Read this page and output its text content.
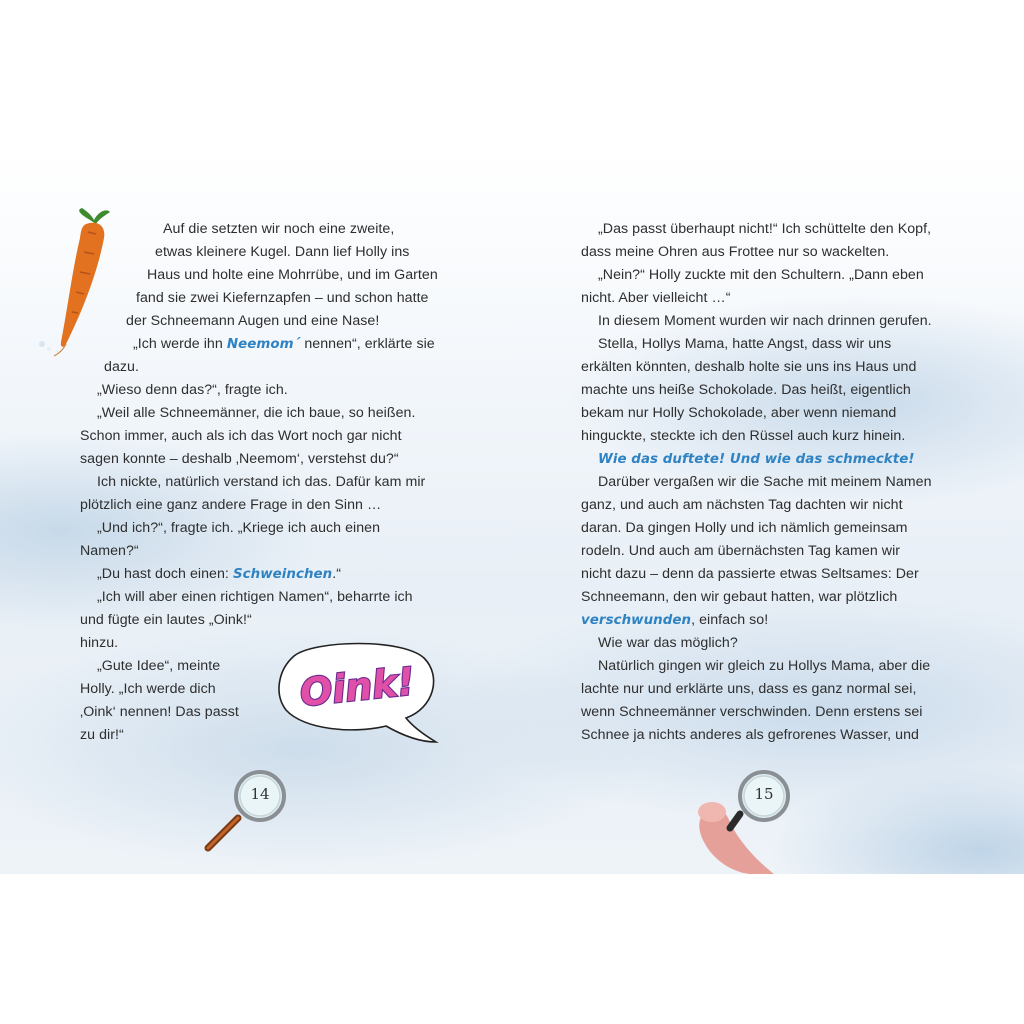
Auf die setzten wir noch eine zweite,
etwas kleinere Kugel. Dann lief Holly ins
Haus und holte eine Mohrrübe, und im Garten
fand sie zwei Kiefernzapfen – und schon hatte
der Schneemann Augen und eine Nase!
„Ich werde ihn Neemom´ nennen“, erklärte sie
dazu.
„Wieso denn das?“, fragte ich.
„Weil alle Schneemänner, die ich baue, so heißen.
Schon immer, auch als ich das Wort noch gar nicht
sagen konnte – deshalb ‚Neemom‘, verstehst du?“
Ich nickte, natürlich verstand ich das. Dafür kam mir
plötzlich eine ganz andere Frage in den Sinn …
„Und ich?“, fragte ich. „Kriege ich auch einen
Namen?“
„Du hast doch einen: Schweinchen.“
„Ich will aber einen richtigen Namen“, beharrte ich
und fügte ein lautes „Oink!“
hinzu.
„Gute Idee“, meinte
Holly. „Ich werde dich
‚Oink‘ nennen! Das passt
zu dir!“
Oink!
„Das passt überhaupt nicht!“ Ich schüttelte den Kopf,
dass meine Ohren aus Frottee nur so wackelten.
„Nein?“ Holly zuckte mit den Schultern. „Dann eben
nicht. Aber vielleicht …“
In diesem Moment wurden wir nach drinnen gerufen.
Stella, Hollys Mama, hatte Angst, dass wir uns
erkälten könnten, deshalb holte sie uns ins Haus und
machte uns heiße Schokolade. Das heißt, eigentlich
bekam nur Holly Schokolade, aber wenn niemand
hinguckte, steckte ich den Rüssel auch kurz hinein.
Wie das duftete! Und wie das schmeckte!
Darüber vergaßen wir die Sache mit meinem Namen
ganz, und auch am nächsten Tag dachten wir nicht
daran. Da gingen Holly und ich nämlich gemeinsam
rodeln. Und auch am übernächsten Tag kamen wir
nicht dazu – denn da passierte etwas Seltsames: Der
Schneemann, den wir gebaut hatten, war plötzlich
verschwunden, einfach so!
Wie war das möglich?
Natürlich gingen wir gleich zu Hollys Mama, aber die
lachte nur und erklärte uns, dass es ganz normal sei,
wenn Schneemänner verschwinden. Denn erstens sei
Schnee ja nichts anderes als gefrorenes Wasser, und
14	15
